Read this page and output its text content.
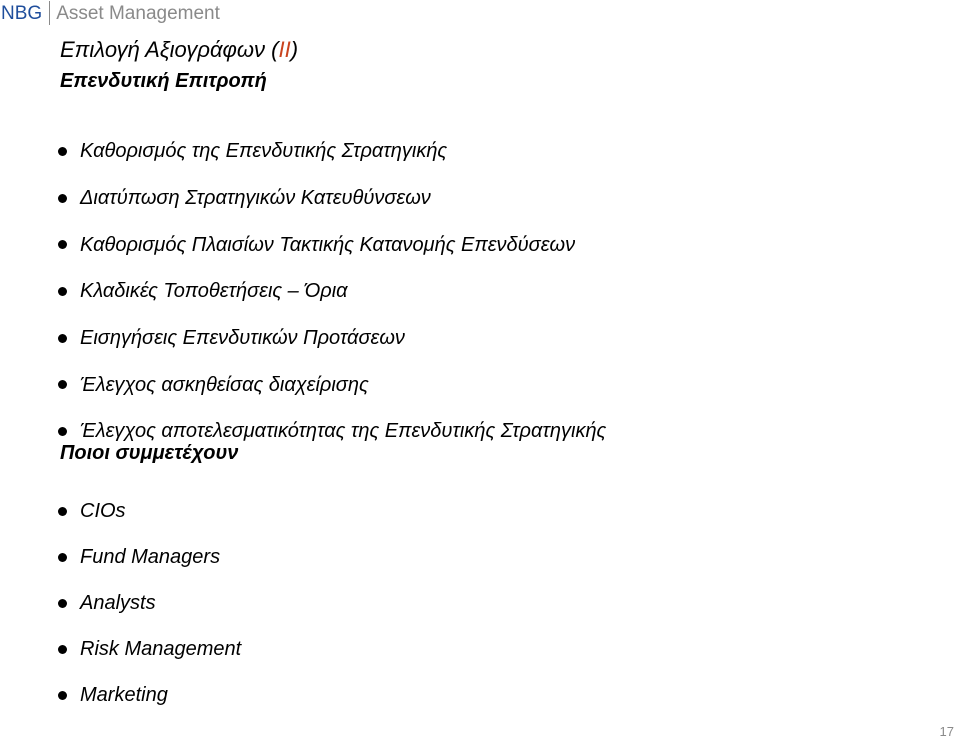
NBG Asset Management
Επιλογή Αξιογράφων (II)
Επενδυτική Επιτροπή
Καθορισμός της Επενδυτικής Στρατηγικής
Διατύπωση Στρατηγικών Κατευθύνσεων
Καθορισμός Πλαισίων Τακτικής Κατανομής Επενδύσεων
Κλαδικές Τοποθετήσεις – Όρια
Εισηγήσεις Επενδυτικών Προτάσεων
Έλεγχος ασκηθείσας διαχείρισης
Έλεγχος αποτελεσματικότητας της Επενδυτικής Στρατηγικής
Ποιοι συμμετέχουν
CIOs
Fund Managers
Analysts
Risk Management
Marketing
17
